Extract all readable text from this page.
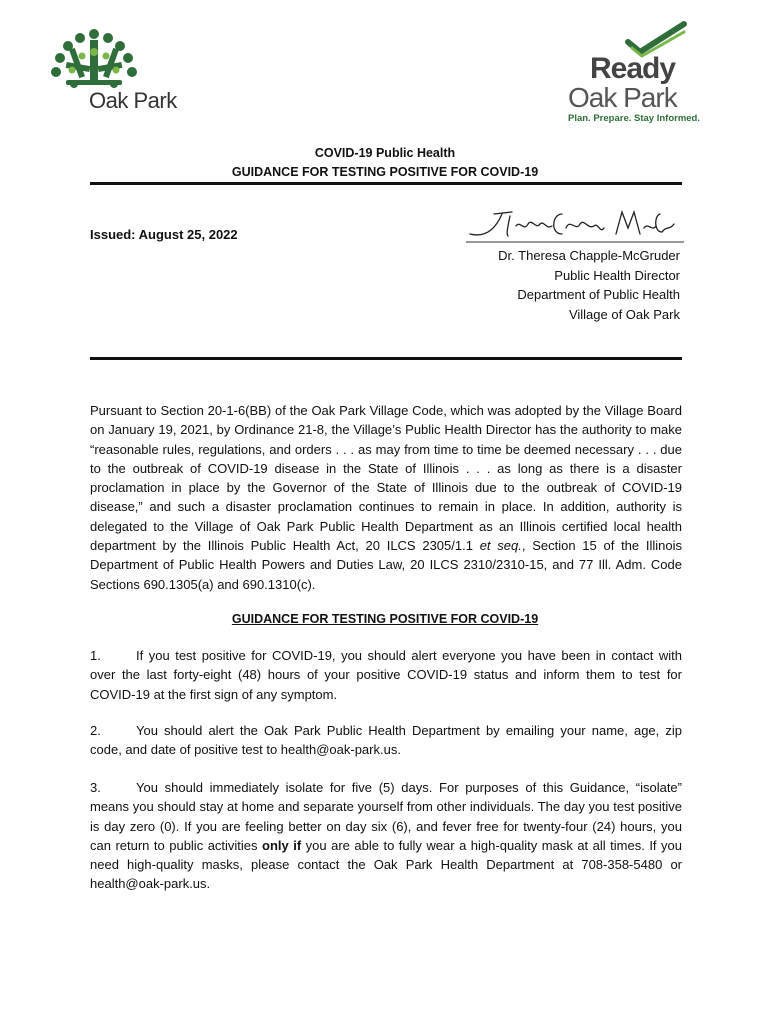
Oak Park
Ready
Oak Park
Plan. Prepare. Stay Informed.
COVID-19 Public Health
GUIDANCE FOR TESTING POSITIVE FOR COVID-19
Issued: August 25, 2022
Dr. Theresa Chapple-McGruder
Public Health Director
Department of Public Health
Village of Oak Park
Pursuant to Section 20-1-6(BB) of the Oak Park Village Code, which was adopted by the Village Board on January 19, 2021, by Ordinance 21-8, the Village’s Public Health Director has the authority to make “reasonable rules, regulations, and orders . . . as may from time to time be deemed necessary . . . due to the outbreak of COVID-19 disease in the State of Illinois . . . as long as there is a disaster proclamation in place by the Governor of the State of Illinois due to the outbreak of COVID-19 disease,” and such a disaster proclamation continues to remain in place. In addition, authority is delegated to the Village of Oak Park Public Health Department as an Illinois certified local health department by the Illinois Public Health Act, 20 ILCS 2305/1.1 et seq., Section 15 of the Illinois Department of Public Health Powers and Duties Law, 20 ILCS 2310/2310-15, and 77 Ill. Adm. Code Sections 690.1305(a) and 690.1310(c).
GUIDANCE FOR TESTING POSITIVE FOR COVID-19
1.	If you test positive for COVID-19, you should alert everyone you have been in contact with over the last forty-eight (48) hours of your positive COVID-19 status and inform them to test for COVID-19 at the first sign of any symptom.
2.	You should alert the Oak Park Public Health Department by emailing your name, age, zip code, and date of positive test to health@oak-park.us.
3.	You should immediately isolate for five (5) days. For purposes of this Guidance, “isolate” means you should stay at home and separate yourself from other individuals. The day you test positive is day zero (0). If you are feeling better on day six (6), and fever free for twenty-four (24) hours, you can return to public activities only if you are able to fully wear a high-quality mask at all times. If you need high-quality masks, please contact the Oak Park Health Department at 708-358-5480 or health@oak-park.us.
